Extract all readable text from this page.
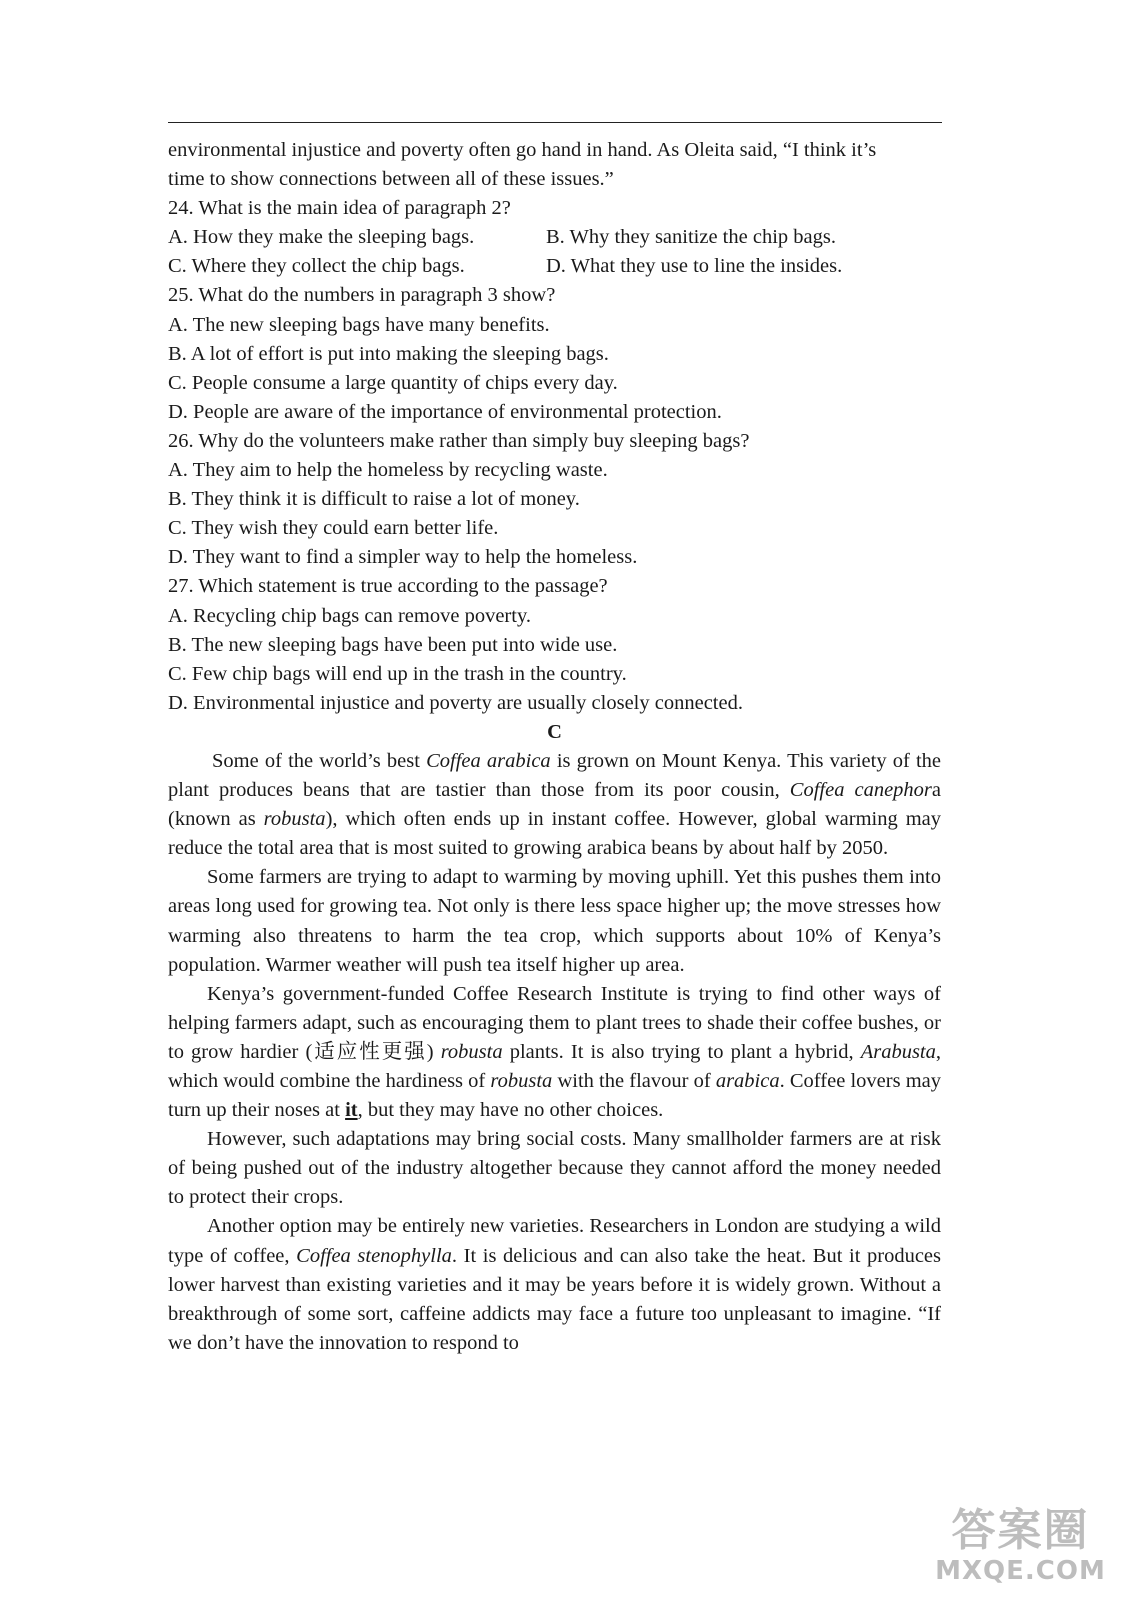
environmental injustice and poverty often go hand in hand. As Oleita said, “I think it’s
time to show connections between all of these issues.”
24. What is the main idea of paragraph 2?
A. How they make the sleeping bags.	B. Why they sanitize the chip bags.
C. Where they collect the chip bags.	D. What they use to line the insides.
25. What do the numbers in paragraph 3 show?
A. The new sleeping bags have many benefits.
B. A lot of effort is put into making the sleeping bags.
C. People consume a large quantity of chips every day.
D. People are aware of the importance of environmental protection.
26. Why do the volunteers make rather than simply buy sleeping bags?
A. They aim to help the homeless by recycling waste.
B. They think it is difficult to raise a lot of money.
C. They wish they could earn better life.
D. They want to find a simpler way to help the homeless.
27. Which statement is true according to the passage?
A. Recycling chip bags can remove poverty.
B. The new sleeping bags have been put into wide use.
C. Few chip bags will end up in the trash in the country.
D. Environmental injustice and poverty are usually closely connected.
C

Some of the world’s best Coffea arabica is grown on Mount Kenya. This variety of the plant produces beans that are tastier than those from its poor cousin, Coffea canephora (known as robusta), which often ends up in instant coffee. However, global warming may reduce the total area that is most suited to growing arabica beans by about half by 2050.

Some farmers are trying to adapt to warming by moving uphill. Yet this pushes them into areas long used for growing tea. Not only is there less space higher up; the move stresses how warming also threatens to harm the tea crop, which supports about 10% of Kenya’s population. Warmer weather will push tea itself higher up area.

Kenya’s government-funded Coffee Research Institute is trying to find other ways of helping farmers adapt, such as encouraging them to plant trees to shade their coffee bushes, or to grow hardier (适应性更强) robusta plants. It is also trying to plant a hybrid, Arabusta, which would combine the hardiness of robusta with the flavour of arabica. Coffee lovers may turn up their noses at it, but they may have no other choices.

However, such adaptations may bring social costs. Many smallholder farmers are at risk of being pushed out of the industry altogether because they cannot afford the money needed to protect their crops.

Another option may be entirely new varieties. Researchers in London are studying a wild type of coffee, Coffea stenophylla. It is delicious and can also take the heat. But it produces lower harvest than existing varieties and it may be years before it is widely grown. Without a breakthrough of some sort, caffeine addicts may face a future too unpleasant to imagine. “If we don’t have the innovation to respond to

答案圈
MXQE.COM
